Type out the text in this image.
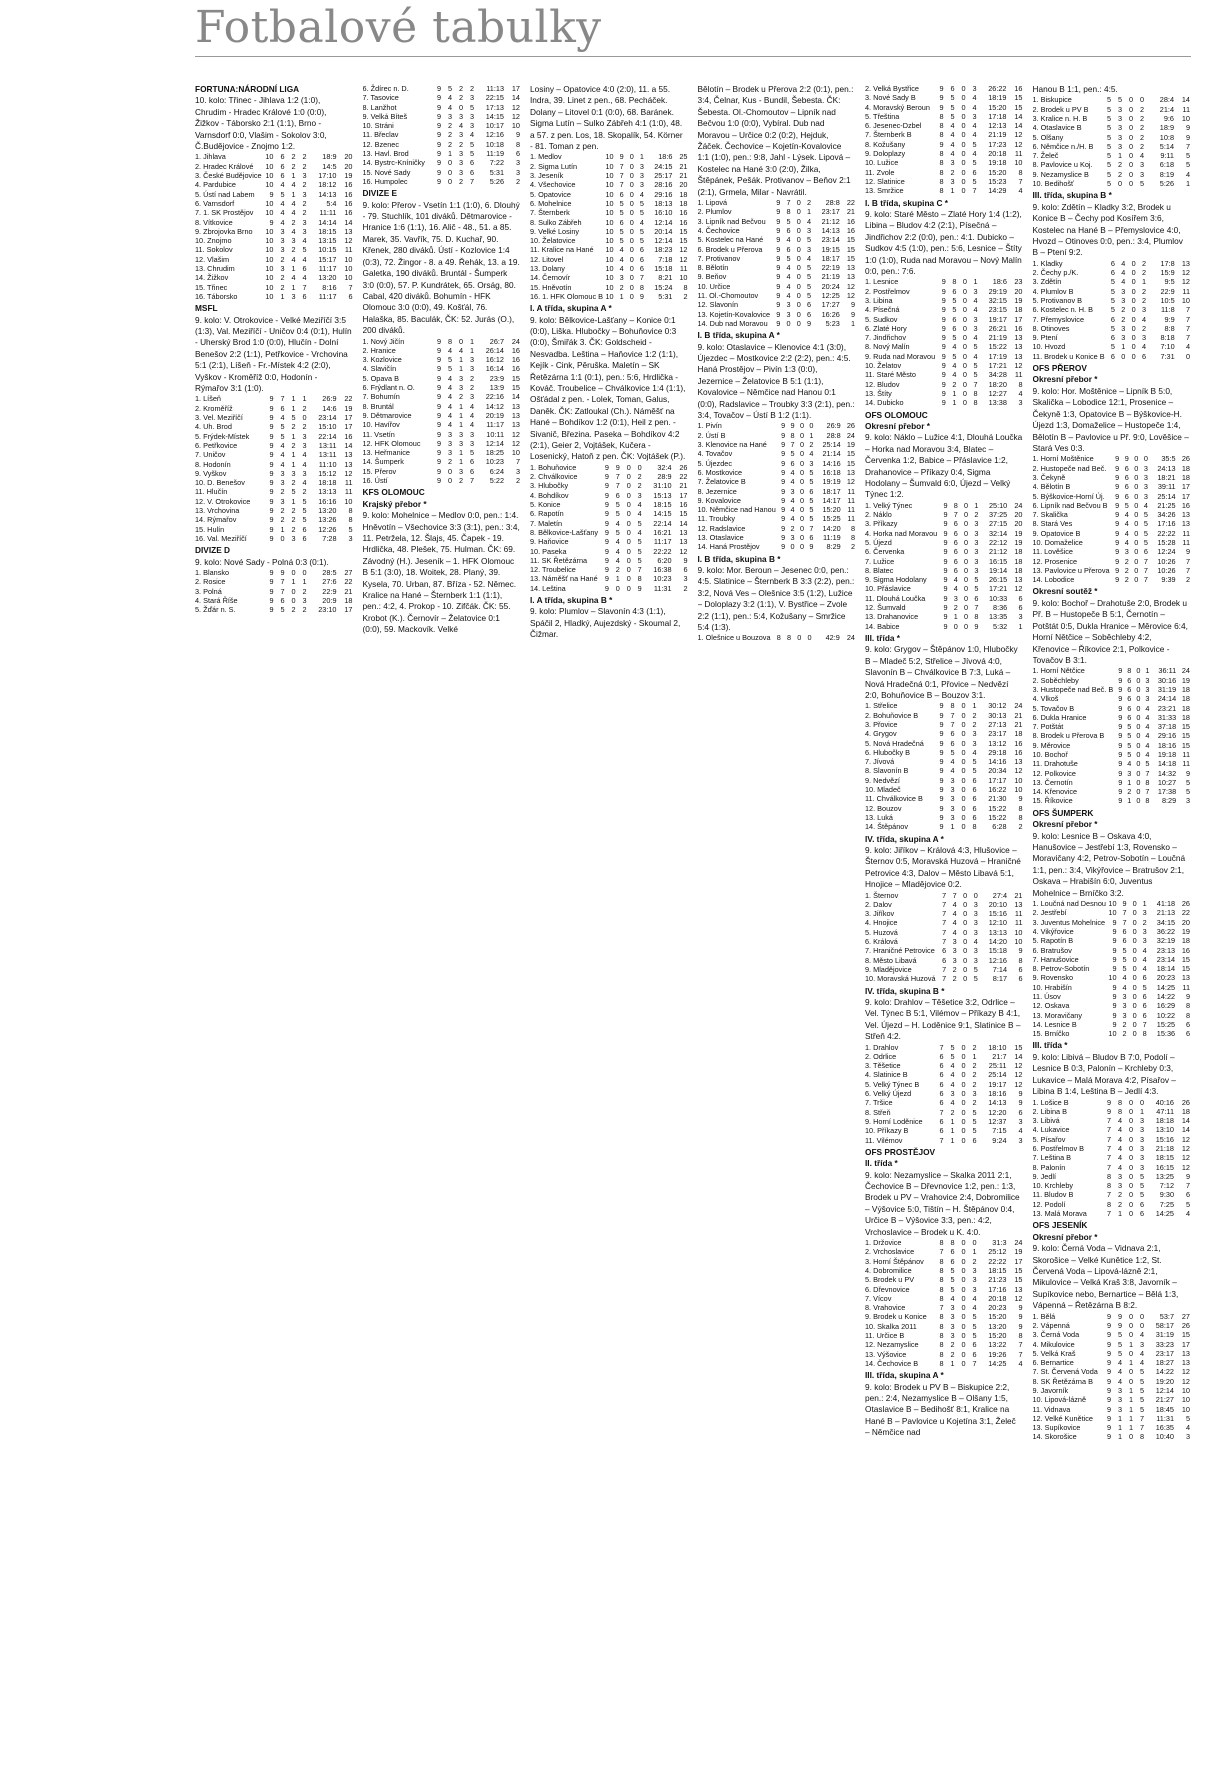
Fotbalové tabulky

FORTUNA:NÁRODNÍ LIGA

10. kolo: Třinec - Jihlava 1:2 (1:0), Chrudim - Hradec Králové 1:0 (0:0), Žižkov - Táborsko 2:1 (1:1), Brno - Varnsdorf 0:0, Vlašim - Sokolov 3:0, Č.Budějovice - Znojmo 1:2.

1. Jihlava	10	6	2	2	18:9	20
2. Hradec Králové	10	6	2	2	14:5	20
3. České Budějovice	10	6	1	3	17:10	19
4. Pardubice	10	4	4	2	18:12	16
5. Ústí nad Labem	9	5	1	3	14:13	16
6. Varnsdorf	10	4	4	2	5:4	16
7. 1. SK Prostějov	10	4	4	2	11:11	16
8. Vítkovice	9	4	2	3	14:14	14
9. Zbrojovka Brno	10	3	4	3	18:15	13
10. Znojmo	10	3	3	4	13:15	12
11. Sokolov	10	3	2	5	10:15	11
12. Vlašim	10	2	4	4	15:17	10
13. Chrudim	10	3	1	6	11:17	10
14. Žižkov	10	2	4	4	13:20	10
15. Třinec	10	2	1	7	8:16	7
16. Táborsko	10	1	3	6	11:17	6

MSFL

9. kolo: V. Otrokovice - Velké Meziříčí 3:5 (1:3), Val. Meziříčí - Uničov 0:4 (0:1), Hulín - Uherský Brod 1:0 (0:0), Hlučín - Dolní Benešov 2:2 (1:1), Petřkovice - Vrchovina 5:1 (2:1), Líšeň - Fr.-Místek 4:2 (2:0), Vyškov - Kroměříž 0:0, Hodonín - Rýmařov 3:1 (1:0).

1. Líšeň	9	7	1	1	26:9	22
2. Kroměříž	9	6	1	2	14:6	19
3. Vel. Meziříčí	9	4	5	0	23:14	17
4. Uh. Brod	9	5	2	2	15:10	17
5. Frýdek-Místek	9	5	1	3	22:14	16
6. Petřkovice	9	4	2	3	13:11	14
7. Uničov	9	4	1	4	13:11	13
8. Hodonín	9	4	1	4	11:10	13
9. Vyškov	9	3	3	3	15:12	12
10. D. Benešov	9	3	2	4	18:18	11
11. Hlučín	9	2	5	2	13:13	11
12. V. Otrokovice	9	3	1	5	16:16	10
13. Vrchovina	9	2	2	5	13:20	8
14. Rýmařov	9	2	2	5	13:26	8
15. Hulín	9	1	2	6	12:26	5
16. Val. Meziříčí	9	0	3	6	7:28	3

DIVIZE D

9. kolo: Nové Sady - Polná 0:3 (0:1).

1. Blansko	9	9	0	0	28:5	27
2. Rosice	9	7	1	1	27:6	22
3. Polná	9	7	0	2	22:9	21
4. Stará Říše	9	6	0	3	20:9	18
5. Žďár n. S.	9	5	2	2	23:10	17
6. Ždírec n. D.	9	5	2	2	11:13	17
7. Tasovice	9	4	2	3	22:15	14
8. Lanžhot	9	4	0	5	17:13	12
9. Velká Bíteš	9	3	3	3	14:15	12
10. Stráni	9	2	4	3	10:17	10
11. Břeclav	9	2	3	4	12:16	9
12. Bzenec	9	2	2	5	10:18	8
13. Havl. Brod	9	1	3	5	11:19	6
14. Bystrc-Kníničky	9	0	3	6	7:22	3
15. Nové Sady	9	0	3	6	5:31	3
16. Humpolec	9	0	2	7	5:26	2

DIVIZE E

9. kolo: Přerov - Vsetín 1:1 (1:0), 6. Dlouhý - 79. Stuchlík, 101 diváků. Dětmarovice - Hranice 1:6 (1:1), 16. Alič - 48., 51. a 85. Marek, 35. Vavřík, 75. D. Kuchař, 90. Křenek, 280 diváků. Ústí - Kozlovice 1:4 (0:3), 72. Žingor - 8. a 49. Řehák, 13. a 19. Galetka, 190 diváků. Bruntál - Šumperk 3:0 (0:0), 57. P. Kundrátek, 65. Orság, 80. Cabal, 420 diváků. Bohumín - HFK Olomouc 3:0 (0:0), 49. Košťál, 76. Halaška, 85. Baculák, ČK: 52. Jurás (O.), 200 diváků.

1. Nový Jičín	9	8	0	1	26:7	24
2. Hranice	9	4	4	1	26:14	16
3. Kozlovice	9	5	1	3	16:12	16
4. Slavičín	9	5	1	3	16:14	16
5. Opava B	9	4	3	2	23:9	15
6. Frýdlant n. O.	9	4	3	2	13:9	15
7. Bohumín	9	4	2	3	22:16	14
8. Bruntál	9	4	1	4	14:12	13
9. Dětmarovice	9	4	1	4	20:19	13
10. Havířov	9	4	1	4	11:17	13
11. Vsetín	9	3	3	3	10:11	12
12. HFK Olomouc	9	3	3	3	12:14	12
13. Heřmanice	9	3	1	5	18:25	10
14. Šumperk	9	2	1	6	10:23	7
15. Přerov	9	0	3	6	6:24	3
16. Ústí	9	0	2	7	5:22	2

KFS OLOMOUC

Krajský přebor *

9. kolo: Mohelnice – Medlov 0:0, pen.: 1:4. Hněvotín – Všechovice 3:3 (3:1), pen.: 3:4, 11. Petržela, 12. Šlajs, 45. Čapek - 19. Hrdlička, 48. Plešek, 75. Hulman. ČK: 69. Závodný (H.). Jeseník – 1. HFK Olomouc B 5:1 (3:0), 18. Woitek, 28. Planý, 39. Kysela, 70. Urban, 87. Bříza - 52. Němec. Kralice na Hané – Šternberk 1:1 (1:1), pen.: 4:2, 4. Prokop - 10. Zifčák. ČK: 55. Krobot (K.). Černovír – Želatovice 0:1 (0:0), 59. Mackovík. Velké

Losiny – Opatovice 4:0 (2:0), 11. a 55. Indra, 39. Linet z pen., 68. Pecháček. Dolany – Litovel 0:1 (0:0), 68. Baránek. Sigma Lutín – Sulko Zábřeh 4:1 (1:0), 48. a 57. z pen. Los, 18. Skopalík, 54. Körner - 81. Toman z pen.

1. Medlov	10	9	0	1	18:6	25
2. Sigma Lutín	10	7	0	3	24:15	21
3. Jeseník	10	7	0	3	25:17	21
4. Všechovice	10	7	0	3	28:16	20
5. Opatovice	10	6	0	4	29:16	18
6. Mohelnice	10	5	0	5	18:13	18
7. Šternberk	10	5	0	5	16:10	16
8. Sulko Zábřeh	10	6	0	4	12:14	16
9. Velké Losiny	10	5	0	5	20:14	15
10. Želatovice	10	5	0	5	12:14	15
11. Kralice na Hané	10	4	0	6	18:23	12
12. Litovel	10	4	0	6	7:18	12
13. Dolany	10	4	0	6	15:18	11
14. Černovír	10	3	0	7	8:21	10
15. Hněvotín	10	2	0	8	15:24	8
16. 1. HFK Olomouc B	10	1	0	9	5:31	2

I. A třída, skupina A *

9. kolo: Bělkovice-Lašťany – Konice 0:1 (0:0), Liška. Hlubočky – Bohuňovice 0:3 (0:0), Šmiřák 3. ČK: Goldscheid - Nesvadba. Leština – Haňovice 1:2 (1:1), Kejík - Cink, Pěruška. Maletín – SK Řetězárna 1:1 (0:1), pen.: 5:6, Hrdlička - Kováč. Troubelice – Chválkovice 1:4 (1:1), Ošťádal z pen. - Lolek, Toman, Galus, Daněk. ČK: Zatloukal (Ch.). Náměšť na Hané – Bohdíkov 1:2 (0:1), Heil z pen. - Sivanič, Březina. Paseka – Bohdíkov 4:2 (2:1), Geier 2, Vojtášek, Kučera - Losenický, Hatoň z pen. ČK: Vojtášek (P.).

1. Bohuňovice	9	9	0	0	32:4	26
2. Chválkovice	9	7	0	2	28:9	22
3. Hlubočky	9	7	0	2	31:10	21
4. Bohdíkov	9	6	0	3	15:13	17
5. Konice	9	5	0	4	18:15	16
6. Rapotín	9	5	0	4	14:15	15
7. Maletín	9	4	0	5	22:14	14
8. Bělkovice-Lašťany	9	5	0	4	16:21	13
9. Haňovice	9	4	0	5	11:17	13
10. Paseka	9	4	0	5	22:22	12
11. SK Řetězárna	9	4	0	5	6:20	9
12. Troubelice	9	2	0	7	16:38	6
13. Náměšť na Hané	9	1	0	8	10:23	3
14. Leština	9	0	0	9	11:31	2

I. A třída, skupina B *

9. kolo: Plumlov – Slavonín 4:3 (1:1), Spáčil 2, Hladký, Aujezdský - Skoumal 2, Čižmar.

Bělotín – Brodek u Přerova 2:2 (0:1), pen.: 3:4, Čelnar, Kus - Bundil, Šebesta. ČK: Šebesta. Ol.-Chomoutov – Lipník nad Bečvou 1:0 (0:0), Vybíral. Dub nad Moravou – Určice 0:2 (0:2), Hejduk, Žáček. Čechovice – Kojetín-Kovalovice 1:1 (1:0), pen.: 9:8, Jahl - Lýsek. Lipová – Kostelec na Hané 3:0 (2:0), Žilka, Štěpánek, Pešák. Protivanov – Beňov 2:1 (2:1), Grmela, Milar - Navrátil.

1. Lipová	9	7	0	2	28:8	22
2. Plumlov	9	8	0	1	23:17	21
3. Lipník nad Bečvou	9	5	0	4	21:12	16
4. Čechovice	9	6	0	3	14:13	16
5. Kostelec na Hané	9	4	0	5	23:14	15
6. Brodek u Přerova	9	6	0	3	19:15	15
7. Protivanov	9	5	0	4	18:17	15
8. Bělotín	9	4	0	5	22:19	13
9. Beňov	9	4	0	5	21:19	13
10. Určice	9	4	0	5	20:24	12
11. Ol.-Chomoutov	9	4	0	5	12:25	12
12. Slavonín	9	3	0	6	17:27	9
13. Kojetín-Kovalovice	9	3	0	6	16:26	9
14. Dub nad Moravou	9	0	0	9	5:23	1

I. B třída, skupina A *

9. kolo: Otaslavice – Klenovice 4:1 (3:0), Újezdec – Mostkovice 2:2 (2:2), pen.: 4:5. Haná Prostějov – Pivín 1:3 (0:0), Jezernice – Želatovice B 5:1 (1:1), Kovalovice – Němčice nad Hanou 0:1 (0:0), Radslavice – Troubky 3:3 (2:1), pen.: 3:4, Tovačov – Ústí B 1:2 (1:1).

1. Pivín	9	9	0	0	26:9	26
2. Ústí B	9	8	0	1	28:8	24
3. Klenovice na Hané	9	7	0	2	25:14	19
4. Tovačov	9	5	0	4	21:14	15
5. Újezdec	9	6	0	3	14:16	15
6. Mostkovice	9	4	0	5	16:18	13
7. Želatovice B	9	4	0	5	19:19	12
8. Jezernice	9	3	0	6	18:17	11
9. Kovalovice	9	4	0	5	14:17	11
10. Němčice nad Hanou	9	4	0	5	15:20	11
11. Troubky	9	4	0	5	15:25	11
12. Radslavice	9	2	0	7	14:20	8
13. Otaslavice	9	3	0	6	11:19	8
14. Haná Prostějov	9	0	0	9	8:29	2

I. B třída, skupina B *

9. kolo: Mor. Beroun – Jesenec 0:0, pen.: 4:5. Slatinice – Šternberk B 3:3 (2:2), pen.: 3:2, Nová Ves – Olešnice 3:5 (1:2), Lužice – Doloplazy 3:2 (1:1), V. Bystřice – Zvole 2:2 (1:1), pen.: 5:4, Kožušany – Smržice 5:4 (1:3).

1. Olešnice u Bouzova	8	8	0	0	42:9	24
2. Velká Bystřice	9	6	0	3	26:22	16
3. Nové Sady B	9	5	0	4	18:19	15
4. Moravský Beroun	9	5	0	4	15:20	15
5. Třeština	8	5	0	3	17:18	14
6. Jesenec-Dzbel	8	4	0	4	12:13	14
7. Šternberk B	8	4	0	4	21:19	12
8. Kožušany	9	4	0	5	17:23	12
9. Doloplazy	8	4	0	4	20:18	11
10. Lužice	8	3	0	5	19:18	10
11. Zvole	8	2	0	6	15:20	8
12. Slatinice	8	3	0	5	15:23	7
13. Smržice	8	1	0	7	14:29	4

I. B třída, skupina C *

9. kolo: Staré Město – Zlaté Hory 1:4 (1:2), Libina – Bludov 4:2 (2:1), Písečná – Jindřichov 2:2 (0:0), pen.: 4:1. Dubicko – Sudkov 4:5 (1:0), pen.: 5:6, Lesnice – Štíty 1:0 (1:0), Ruda nad Moravou – Nový Malín 0:0, pen.: 7:6.

1. Lesnice	9	8	0	1	18:6	23
2. Postřelmov	9	6	0	3	29:19	20
3. Libina	9	5	0	4	32:15	19
4. Písečná	9	5	0	4	23:15	18
5. Sudkov	9	6	0	3	19:17	17
6. Zlaté Hory	9	6	0	3	26:21	16
7. Jindřichov	9	5	0	4	21:19	13
8. Nový Malín	9	4	0	5	15:22	13
9. Ruda nad Moravou	9	5	0	4	17:19	13
10. Želatov	9	4	0	5	17:21	12
11. Staré Město	9	4	0	5	34:28	11
12. Bludov	9	2	0	7	18:20	8
13. Štíty	9	1	0	8	12:27	4
14. Dubicko	9	1	0	8	13:38	3

OFS OLOMOUC

Okresní přebor *

9. kolo: Náklo – Lužice 4:1, Dlouhá Loučka – Horka nad Moravou 3:4, Blatec – Červenka 1:2, Babice – Přáslavice 1:2, Drahanovice – Příkazy 0:4, Sigma Hodolany – Šumvald 6:0, Újezd – Velký Týnec 1:2.

1. Velký Týnec	9	8	0	1	25:10	24
2. Náklo	9	7	0	2	37:25	20
3. Příkazy	9	6	0	3	27:15	20
4. Horka nad Moravou	9	6	0	3	32:14	19
5. Újezd	9	6	0	3	22:12	19
6. Červenka	9	6	0	3	21:12	18
7. Lužice	9	6	0	3	16:15	18
8. Blatec	9	6	0	3	19:14	18
9. Sigma Hodolany	9	4	0	5	26:15	13
10. Přáslavice	9	4	0	5	17:21	12
11. Dlouhá Loučka	9	3	0	6	10:33	6
12. Šumvald	9	2	0	7	8:36	6
13. Drahanovice	9	1	0	8	13:35	3
14. Babice	9	0	0	9	5:32	1

III. třída *

9. kolo: Grygov – Štěpánov 1:0, Hlubočky B – Mladeč 5:2, Střelice – Jívová 4:0, Slavonín B – Chválkovice B 7:3, Luká – Nová Hradečná 0:1, Přovice – Nedvězí 2:0, Bohuňovice B – Bouzov 3:1.

1. Střelice	9	8	0	1	30:12	24
2. Bohuňovice B	9	7	0	2	30:13	21
3. Přovice	9	7	0	2	27:13	21
4. Grygov	9	6	0	3	23:17	18
5. Nová Hradečná	9	6	0	3	13:12	16
6. Hlubočky B	9	5	0	4	29:18	16
7. Jívová	9	4	0	5	14:16	13
8. Slavonín B	9	4	0	5	20:34	12
9. Nedvězí	9	3	0	6	17:17	10
10. Mladeč	9	3	0	6	16:22	10
11. Chválkovice B	9	3	0	6	21:30	9
12. Bouzov	9	3	0	6	15:22	8
13. Luká	9	3	0	6	15:22	8
14. Štěpánov	9	1	0	8	6:28	2

IV. třída, skupina A *

9. kolo: Jiříkov – Králová 4:3, Hlušovice – Šternov 0:5, Moravská Huzová – Hraničné Petrovice 4:3, Dalov – Město Libavá 5:1, Hnojice – Mladějovice 0:2.

1. Šternov	7	7	0	0	27:4	21
2. Dalov	7	4	0	3	20:10	13
3. Jiříkov	7	4	0	3	15:16	11
4. Hnojice	7	4	0	3	12:10	11
5. Huzová	7	4	0	3	13:13	10
6. Králová	7	3	0	4	14:20	10
7. Hraničné Petrovice	6	3	0	3	15:18	9
8. Město Libavá	6	3	0	3	12:16	8
9. Mladějovice	7	2	0	5	7:14	6
10. Moravská Huzová	7	2	0	5	8:17	6

IV. třída, skupina B *

9. kolo: Drahlov – Těšetice 3:2, Odrlice – Vel. Týnec B 5:1, Vilémov – Příkazy B 4:1, Vel. Újezd – H. Loděnice 9:1, Slatinice B – Střeň 4:2.

1. Drahlov	7	5	0	2	18:10	15
2. Odrlice	6	5	0	1	21:7	14
3. Těšetice	6	4	0	2	25:11	12
4. Slatinice B	6	4	0	2	25:14	12
5. Velký Týnec B	6	4	0	2	19:17	12
6. Velký Újezd	6	3	0	3	18:16	9
7. Tršice	6	4	0	2	14:13	9
8. Střeň	7	2	0	5	12:20	6
9. Horní Loděnice	6	1	0	5	12:37	3
10. Příkazy B	6	1	0	5	7:15	4
11. Vilémov	7	1	0	6	9:24	3

OFS PROSTĚJOV

II. třída *

9. kolo: Nezamyslice – Skalka 2011 2:1, Čechovice B – Dřevnovice 1:2, pen.: 1:3, Brodek u PV – Vrahovice 2:4, Dobromilice – Výšovice 5:0, Tištín – H. Štěpánov 0:4, Určice B – Výšovice 3:3, pen.: 4:2, Vrchoslavice – Brodek u K. 4:0.

1. Držovice	8	8	0	0	31:3	24
2. Vrchoslavice	7	6	0	1	25:12	19
3. Horní Štěpánov	8	6	0	2	22:22	17
4. Dobromilice	8	5	0	3	18:15	15
5. Brodek u PV	8	5	0	3	21:23	15
6. Dřevnovice	8	5	0	3	17:16	13
7. Vícov	8	4	0	4	20:18	12
8. Vrahovice	7	3	0	4	20:23	9
9. Brodek u Konice	8	3	0	5	15:20	9
10. Skalka 2011	8	3	0	5	13:20	9
11. Určice B	8	3	0	5	15:20	8
12. Nezamyslice	8	2	0	6	13:22	7
13. Výšovice	8	2	0	6	19:26	7
14. Čechovice B	8	1	0	7	14:25	4

III. třída, skupina A *

9. kolo: Brodek u PV B – Biskupice 2:2, pen.: 2:4, Nezamyslice B – Olšany 1:5, Otaslavice B – Bedihošť 8:1, Kralice na Hané B – Pavlovice u Kojetína 3:1, Želeč – Němčice nad

Hanou B 1:1, pen.: 4:5.

1. Biskupice	5	5	0	0	28:4	14
2. Brodek u PV B	5	3	0	2	21:4	11
3. Kralice n. H. B	5	3	0	2	9:6	10
4. Otaslavice B	5	3	0	2	18:9	9
5. Olšany	5	3	0	2	10:8	9
6. Němčice n./H. B	5	3	0	2	5:14	7
7. Želeč	5	1	0	4	9:11	5
8. Pavlovice u Koj.	5	2	0	3	6:18	5
9. Nezamyslice B	5	2	0	3	8:19	4
10. Bedihošť	5	0	0	5	5:26	1

III. třída, skupina B *

9. kolo: Zdětín – Kladky 3:2, Brodek u Konice B – Čechy pod Kosířem 3:6, Kostelec na Hané B – Přemyslovice 4:0, Hvozd – Otinoves 0:0, pen.: 3:4, Plumlov B – Ptení 9:2.

1. Kladky	6	4	0	2	17:8	13
2. Čechy p./K.	6	4	0	2	15:9	12
3. Zdětín	5	4	0	1	9:5	12
4. Plumlov B	5	3	0	2	22:9	11
5. Protivanov B	5	3	0	2	10:5	10
6. Kostelec n. H. B	5	2	0	3	11:8	7
7. Přemyslovice	6	2	0	4	9:9	7
8. Otinoves	5	3	0	2	8:8	7
9. Ptení	6	3	0	3	8:18	7
10. Hvozd	5	1	0	4	7:10	4
11. Brodek u Konice B	6	0	0	6	7:31	0

OFS PŘEROV

Okresní přebor *

9. kolo: Hor. Moštěnice – Lipník B 5:0, Skalička – Lobodice 12:1, Prosenice – Čekyně 1:3, Opatovice B – Býškovice-H. Újezd 1:3, Domaželice – Hustopeče 1:4, Bělotín B – Pavlovice u Př. 9:0, Lověšice – Stará Ves 0:3.

1. Horní Moštěnice	9	9	0	0	35:5	26
2. Hustopeče nad Beč.	9	6	0	3	24:13	18
3. Čekyně	9	6	0	3	18:21	18
4. Bělotín B	9	6	0	3	39:11	17
5. Býškovice-Horní Új.	9	6	0	3	25:14	17
6. Lipník nad Bečvou B	9	5	0	4	21:25	16
7. Skalička	9	4	0	5	34:26	13
8. Stará Ves	9	4	0	5	17:16	13
9. Opatovice B	9	4	0	5	22:22	11
10. Domaželice	9	4	0	5	15:28	11
11. Lověšice	9	3	0	6	12:24	9
12. Prosenice	9	2	0	7	10:26	7
13. Pavlovice u Přerova	9	2	0	7	10:26	7
14. Lobodice	9	2	0	7	9:39	2

Okresní soutěž *

9. kolo: Bochoř – Drahotuše 2:0, Brodek u Př. B – Hustopeče B 5:1, Černotín – Potštát 0:5, Dukla Hranice – Měrovice 6:4, Horní Nětčice – Soběchleby 4:2, Křenovice – Říkovice 2:1, Polkovice - Tovačov B 3:1.

1. Horní Nětčice	9	8	0	1	36:11	24
2. Soběchleby	9	6	0	3	30:16	19
3. Hustopeče nad Beč. B	9	6	0	3	31:19	18
4. Vlkoš	9	6	0	3	24:14	18
5. Tovačov B	9	6	0	4	23:21	18
6. Dukla Hranice	9	6	0	4	31:33	18
7. Potštát	9	5	0	4	37:18	15
8. Brodek u Přerova B	9	5	0	4	29:16	15
9. Měrovice	9	5	0	4	18:16	15
10. Bochoř	9	5	0	4	19:18	11
11. Drahotuše	9	4	0	5	14:18	11
12. Polkovice	9	3	0	7	14:32	9
13. Černotín	9	1	0	8	10:27	5
14. Křenovice	9	2	0	7	17:38	5
15. Říkovice	9	1	0	8	8:29	3

OFS ŠUMPERK

Okresní přebor *

9. kolo: Lesnice B – Oskava 4:0, Hanušovice – Jestřebí 1:3, Rovensko – Moravičany 4:2, Petrov-Sobotín – Loučná 1:1, pen.: 3:4, Vikýřovice – Bratrušov 2:1, Oskava – Hrabišín 6:0, Juventus Mohelnice – Brníčko 3:2.

1. Loučná nad Desnou	10	9	0	1	41:18	26
2. Jestřebí	10	7	0	3	21:13	22
3. Juventus Mohelnice	9	7	0	2	34:15	20
4. Vikýřovice	9	6	0	3	36:22	19
5. Rapotín B	9	6	0	3	32:19	18
6. Bratrušov	9	5	0	4	23:13	16
7. Hanušovice	9	5	0	4	23:14	15
8. Petrov-Sobotín	9	5	0	4	18:14	15
9. Rovensko	10	4	0	6	20:23	13
10. Hrabišín	9	4	0	5	14:25	11
11. Úsov	9	3	0	6	14:22	9
12. Oskava	9	3	0	6	16:29	8
13. Moravičany	9	3	0	6	10:22	8
14. Lesnice B	9	2	0	7	15:25	6
15. Brníčko	10	2	0	8	15:36	6

III. třída *

9. kolo: Libivá – Bludov B 7:0, Podolí – Lesnice B 0:3, Palonín – Krchleby 0:3, Lukavice – Malá Morava 4:2, Písařov – Libina B 1:4, Leština B – Jedlí 4:3.

1. Lošice B	9	8	0	0	40:16	26
2. Libina B	9	8	0	1	47:11	18
3. Libivá	7	4	0	3	18:18	14
4. Lukavice	7	4	0	3	13:10	14
5. Písařov	7	4	0	3	15:16	12
6. Postřelmov B	7	4	0	3	21:18	12
7. Leština B	7	4	0	3	18:15	12
8. Palonín	7	4	0	3	16:15	12
9. Jedlí	8	3	0	5	13:25	9
10. Krchleby	8	3	0	5	7:12	7
11. Bludov B	7	2	0	5	9:30	6
12. Podolí	8	2	0	6	7:25	5
13. Malá Morava	7	1	0	6	14:25	4

OFS JESENÍK

Okresní přebor *

9. kolo: Černá Voda – Vidnava 2:1, Skorošice – Velké Kunětice 1:2, St. Červená Voda – Lipová-lázně 2:1, Mikulovice – Velká Kraš 3:8, Javorník – Supíkovice nebo, Bernartice – Bělá 1:3, Vápenná – Řetězárna B 8:2.

1. Bělá	9	9	0	0	53:7	27
2. Vápenná	9	9	0	0	58:17	26
3. Černá Voda	9	5	0	4	31:19	15
4. Mikulovice	9	5	1	3	33:23	17
5. Velká Kraš	9	5	0	4	23:17	13
6. Bernartice	9	4	1	4	18:27	13
7. St. Červená Voda	9	4	0	5	14:22	12
8. SK Řetězárna B	9	4	0	5	19:20	12
9. Javorník	9	3	1	5	12:14	10
10. Lipová-lázně	9	3	1	5	21:27	10
11. Vidnava	9	3	1	5	18:45	10
12. Velké Kunětice	9	1	1	7	11:31	5
13. Supíkovice	9	1	1	7	16:35	4
14. Skorošice	9	1	0	8	10:40	3
